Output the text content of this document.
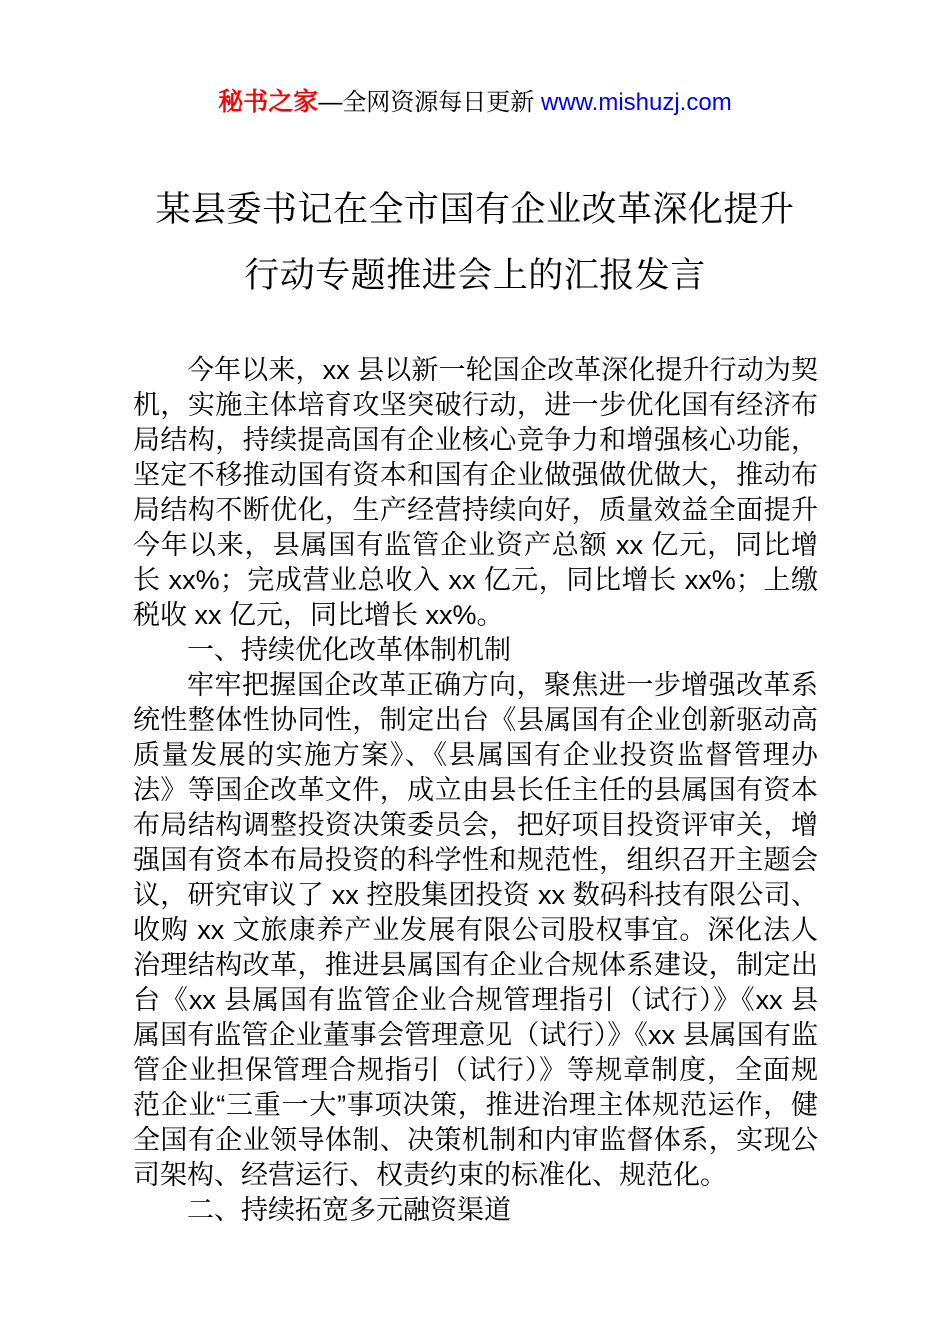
秘书之家—全网资源每日更新 www.mishuzj.com
某县委书记在全市国有企业改革深化提升
行动专题推进会上的汇报发言

今年以来，xx 县以新一轮国企改革深化提升行动为契机，实施主体培育攻坚突破行动，进一步优化国有经济布局结构，持续提高国有企业核心竞争力和增强核心功能，坚定不移推动国有资本和国有企业做强做优做大，推动布局结构不断优化，生产经营持续向好，质量效益全面提升今年以来，县属国有监管企业资产总额 xx 亿元，同比增长 xx%；完成营业总收入 xx 亿元，同比增长 xx%；上缴税收 xx 亿元，同比增长 xx%。

一、持续优化改革体制机制

牢牢把握国企改革正确方向，聚焦进一步增强改革系统性整体性协同性，制定出台《县属国有企业创新驱动高质量发展的实施方案》、《县属国有企业投资监督管理办法》等国企改革文件，成立由县长任主任的县属国有资本布局结构调整投资决策委员会，把好项目投资评审关，增强国有资本布局投资的科学性和规范性，组织召开主题会议，研究审议了 xx 控股集团投资 xx 数码科技有限公司、收购 xx 文旅康养产业发展有限公司股权事宜。深化法人治理结构改革，推进县属国有企业合规体系建设，制定出台《xx 县属国有监管企业合规管理指引（试行）》《xx 县属国有监管企业董事会管理意见（试行）》《xx 县属国有监管企业担保管理合规指引（试行）》等规章制度，全面规范企业“三重一大”事项决策，推进治理主体规范运作，健全国有企业领导体制、决策机制和内审监督体系，实现公司架构、经营运行、权责约束的标准化、规范化。

二、持续拓宽多元融资渠道
